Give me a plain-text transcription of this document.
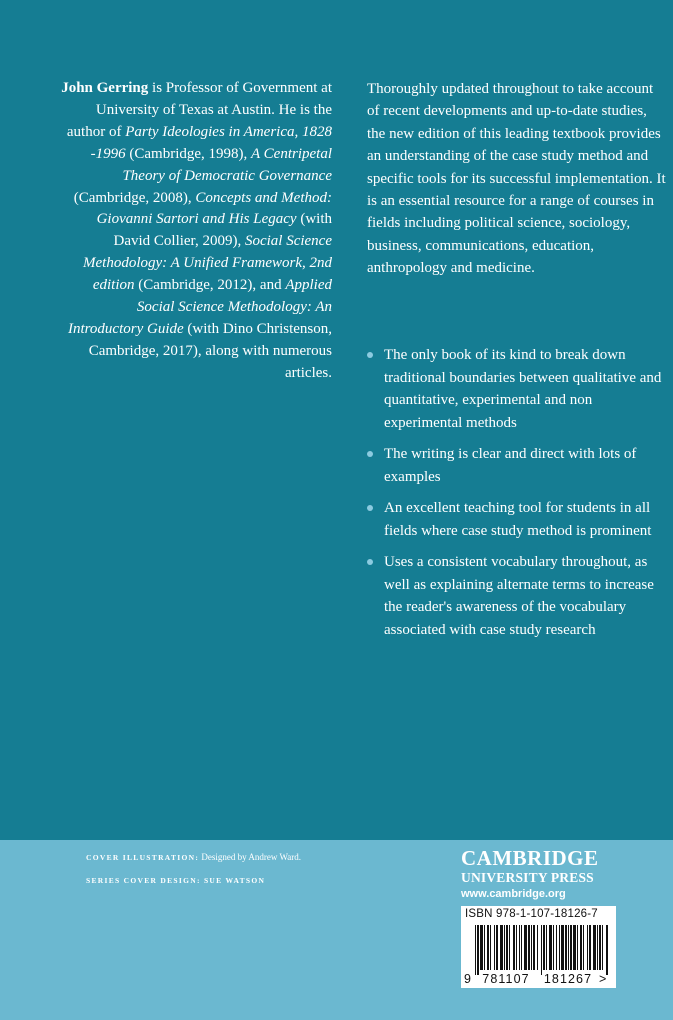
John Gerring is Professor of Government at University of Texas at Austin. He is the author of Party Ideologies in America, 1828 -1996 (Cambridge, 1998), A Centripetal Theory of Democratic Governance (Cambridge, 2008), Concepts and Method: Giovanni Sartori and His Legacy (with David Collier, 2009), Social Science Methodology: A Unified Framework, 2nd edition (Cambridge, 2012), and Applied Social Science Methodology: An Introductory Guide (with Dino Christenson, Cambridge, 2017), along with numerous articles.

Thoroughly updated throughout to take account of recent developments and up-to-date studies, the new edition of this leading textbook provides an understanding of the case study method and specific tools for its successful implementation. It is an essential resource for a range of courses in fields including political science, sociology, business, communications, education, anthropology and medicine.

The only book of its kind to break down traditional boundaries between qualitative and quantitative, experimental and non experimental methods
The writing is clear and direct with lots of examples
An excellent teaching tool for students in all fields where case study method is prominent
Uses a consistent vocabulary throughout, as well as explaining alternate terms to increase the reader's awareness of the vocabulary associated with case study research
COVER ILLUSTRATION: Designed by Andrew Ward.
SERIES COVER DESIGN: SUE WATSON
CAMBRIDGE
UNIVERSITY PRESS
www.cambridge.org
ISBN 978-1-107-18126-7
9 781107	181267 >
